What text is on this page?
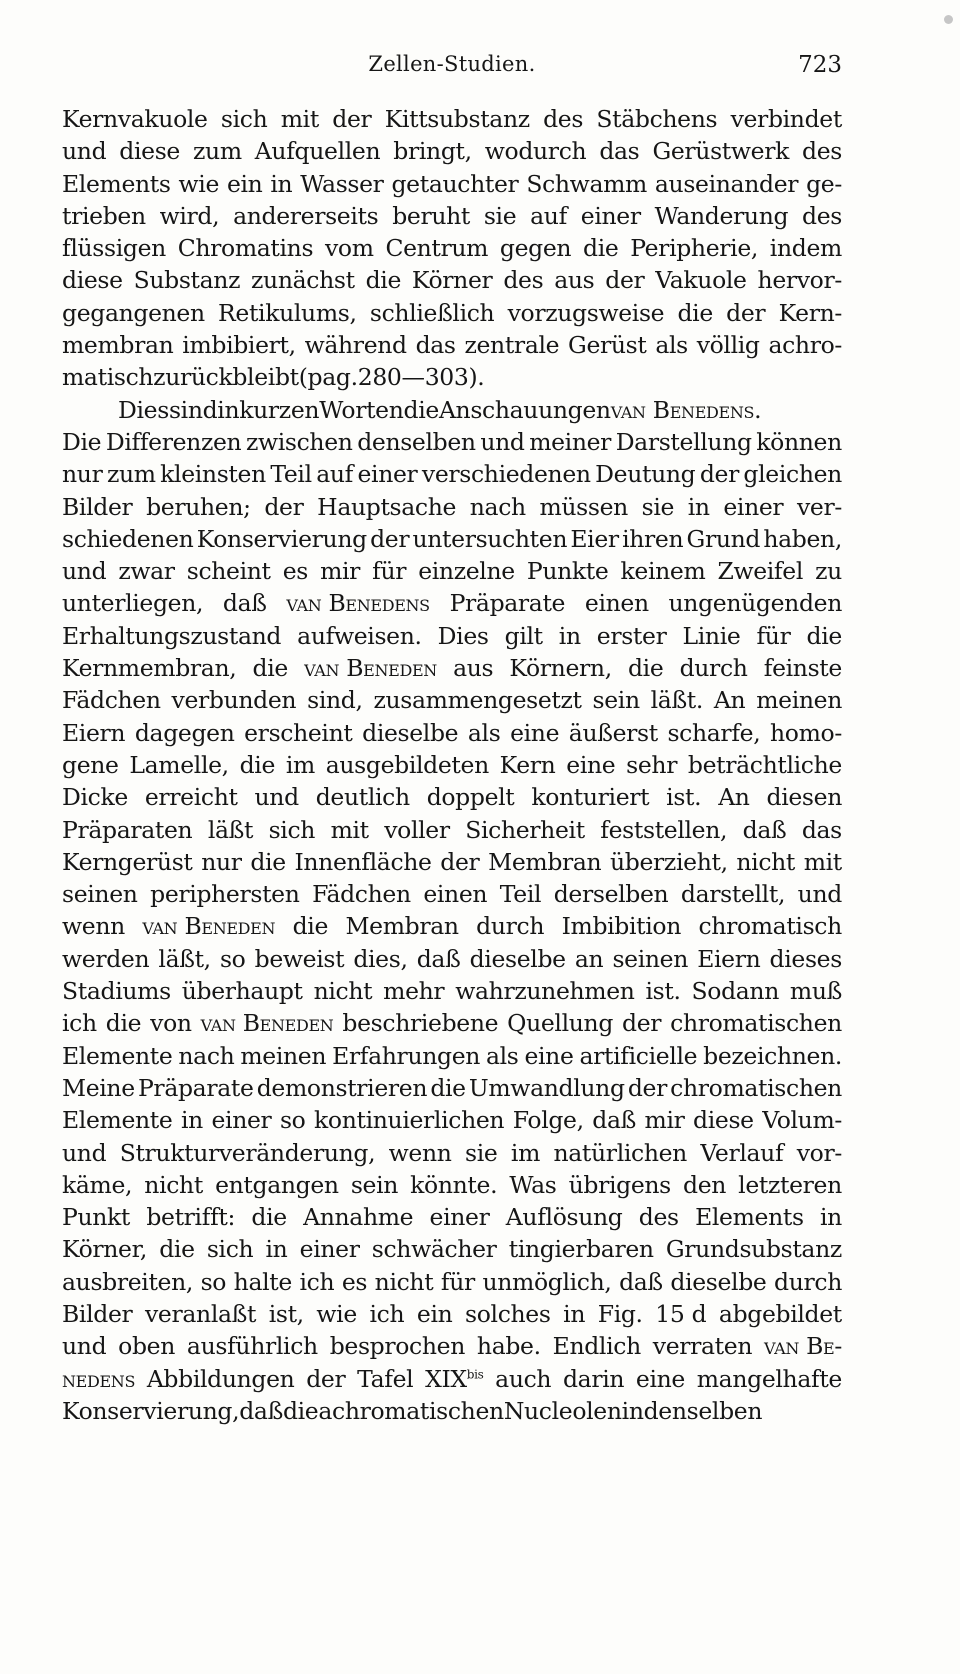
Zellen-Studien.	723
Kernvakuole sich mit der Kittsubstanz des Stäbchens verbindet
und diese zum Aufquellen bringt, wodurch das Gerüstwerk des
Elements wie ein in Wasser getauchter Schwamm auseinander ge-
trieben wird, andererseits beruht sie auf einer Wanderung des
flüssigen Chromatins vom Centrum gegen die Peripherie, indem
diese Substanz zunächst die Körner des aus der Vakuole hervor-
gegangenen Retikulums, schließlich vorzugsweise die der Kern-
membran imbibiert, während das zentrale Gerüst als völlig achro-
matisch zurückbleibt (pag. 280—303).
Dies sind in kurzen Worten die Anschauungen van Benedens.
Die Differenzen zwischen denselben und meiner Darstellung können
nur zum kleinsten Teil auf einer verschiedenen Deutung der gleichen
Bilder beruhen; der Hauptsache nach müssen sie in einer ver-
schiedenen Konservierung der untersuchten Eier ihren Grund haben,
und zwar scheint es mir für einzelne Punkte keinem Zweifel zu
unterliegen, daß van Benedens Präparate einen ungenügenden
Erhaltungszustand aufweisen. Dies gilt in erster Linie für die
Kernmembran, die van Beneden aus Körnern, die durch feinste
Fädchen verbunden sind, zusammengesetzt sein läßt. An meinen
Eiern dagegen erscheint dieselbe als eine äußerst scharfe, homo-
gene Lamelle, die im ausgebildeten Kern eine sehr beträchtliche
Dicke erreicht und deutlich doppelt konturiert ist. An diesen
Präparaten läßt sich mit voller Sicherheit feststellen, daß das
Kerngerüst nur die Innenfläche der Membran überzieht, nicht mit
seinen periphersten Fädchen einen Teil derselben darstellt, und
wenn van Beneden die Membran durch Imbibition chromatisch
werden läßt, so beweist dies, daß dieselbe an seinen Eiern dieses
Stadiums überhaupt nicht mehr wahrzunehmen ist. Sodann muß
ich die von van Beneden beschriebene Quellung der chromatischen
Elemente nach meinen Erfahrungen als eine artificielle bezeichnen.
Meine Präparate demonstrieren die Umwandlung der chromatischen
Elemente in einer so kontinuierlichen Folge, daß mir diese Volum-
und Strukturveränderung, wenn sie im natürlichen Verlauf vor-
käme, nicht entgangen sein könnte. Was übrigens den letzteren
Punkt betrifft: die Annahme einer Auflösung des Elements in
Körner, die sich in einer schwächer tingierbaren Grundsubstanz
ausbreiten, so halte ich es nicht für unmöglich, daß dieselbe durch
Bilder veranlaßt ist, wie ich ein solches in Fig. 15 d abgebildet
und oben ausführlich besprochen habe. Endlich verraten van Be-
nedens Abbildungen der Tafel $XIX^{bis}$ auch darin eine mangelhafte
Konservierung, daß die achromatischen Nucleolen in denselben
